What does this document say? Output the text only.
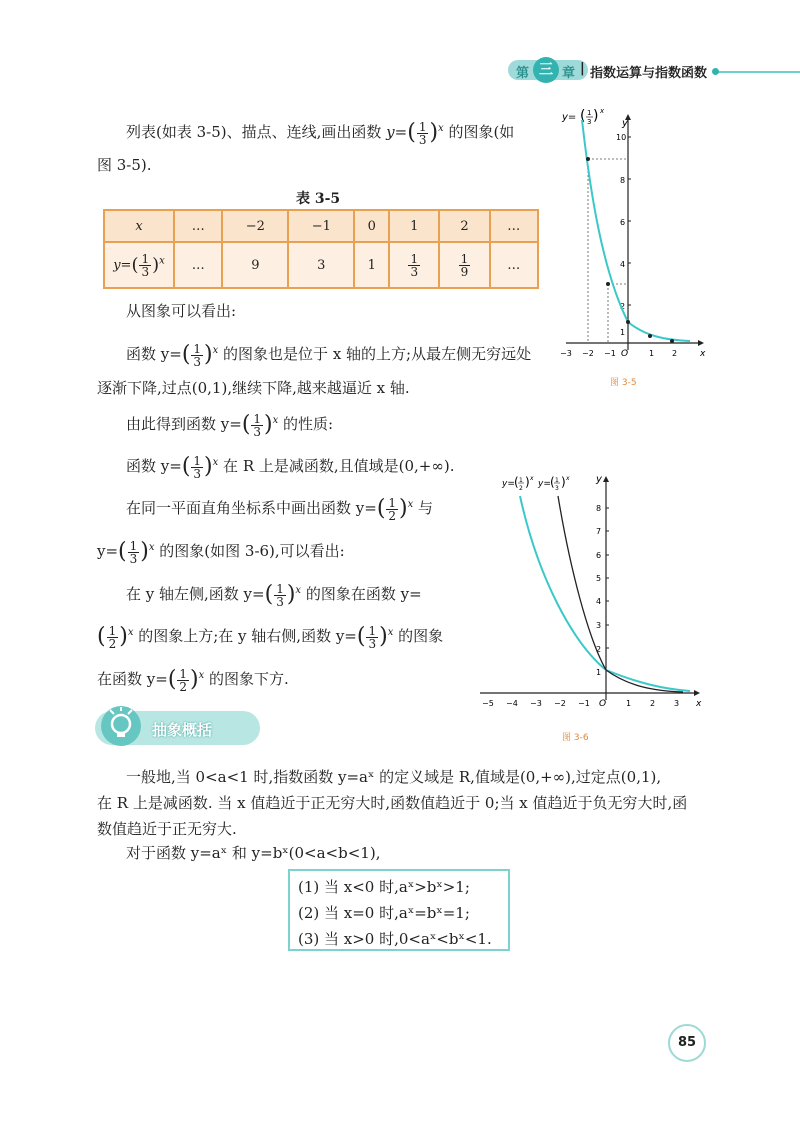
第 三 章 | 指数运算与指数函数
列表(如表 3-5)、描点、连线,画出函数 $y=( \frac{1}{3} )^x$ 的图象(如
图 3-5).
表 3-5
x	…	−2	−1	0	1	2	…
$y=( \frac{1}{3} )^x$	…	9	3	1	$\frac{1}{3}$	$\frac{1}{9}$	…
从图象可以看出:
函数 $y=( \frac{1}{3} )^x$ 的图象也是位于 x 轴的上方;从最左侧无穷远处
逐渐下降,过点(0,1),继续下降,越来越逼近 x 轴.
由此得到函数 $y=( \frac{1}{3} )^x$ 的性质:
函数 $y=( \frac{1}{3} )^x$ 在 R 上是减函数,且值域是(0,+∞).
在同一平面直角坐标系中画出函数 $y=( \frac{1}{2} )^x$ 与
$y=( \frac{1}{3} )^x$ 的图象(如图 3-6),可以看出:
在 y 轴左侧,函数 $y=( \frac{1}{3} )^x$ 的图象在函数 y=
( $\frac{1}{2} )^x$ 的图象上方;在 y 轴右侧,函数 $y=( \frac{1}{3} )^x$ 的图象
在函数 $y=( \frac{1}{2} )^x$ 的图象下方.
y= ( 1
3 ) x
y
x
O
10
8
6
4
2
1
−3 −2 −1	1 2
图 3-5
y= ( 1
2 ) x
y= ( 1
3 ) x	y
x
O
8
7
6
5
4
3
2
1
−5 −4 −3 −2 −1	1 2 3
图 3-6
抽象概括
一般地,当 0<a<1 时,指数函数 y=aˣ 的定义域是 R,值域是(0,+∞),过定点(0,1),
在 R 上是减函数. 当 x 值趋近于正无穷大时,函数值趋近于 0;当 x 值趋近于负无穷大时,函
数值趋近于正无穷大.
对于函数 y=aˣ 和 y=bˣ(0<a<b<1),
(1) 当 x<0 时,aˣ>bˣ>1;
(2) 当 x=0 时,aˣ=bˣ=1;
(3) 当 x>0 时,0<aˣ<bˣ<1.
85
